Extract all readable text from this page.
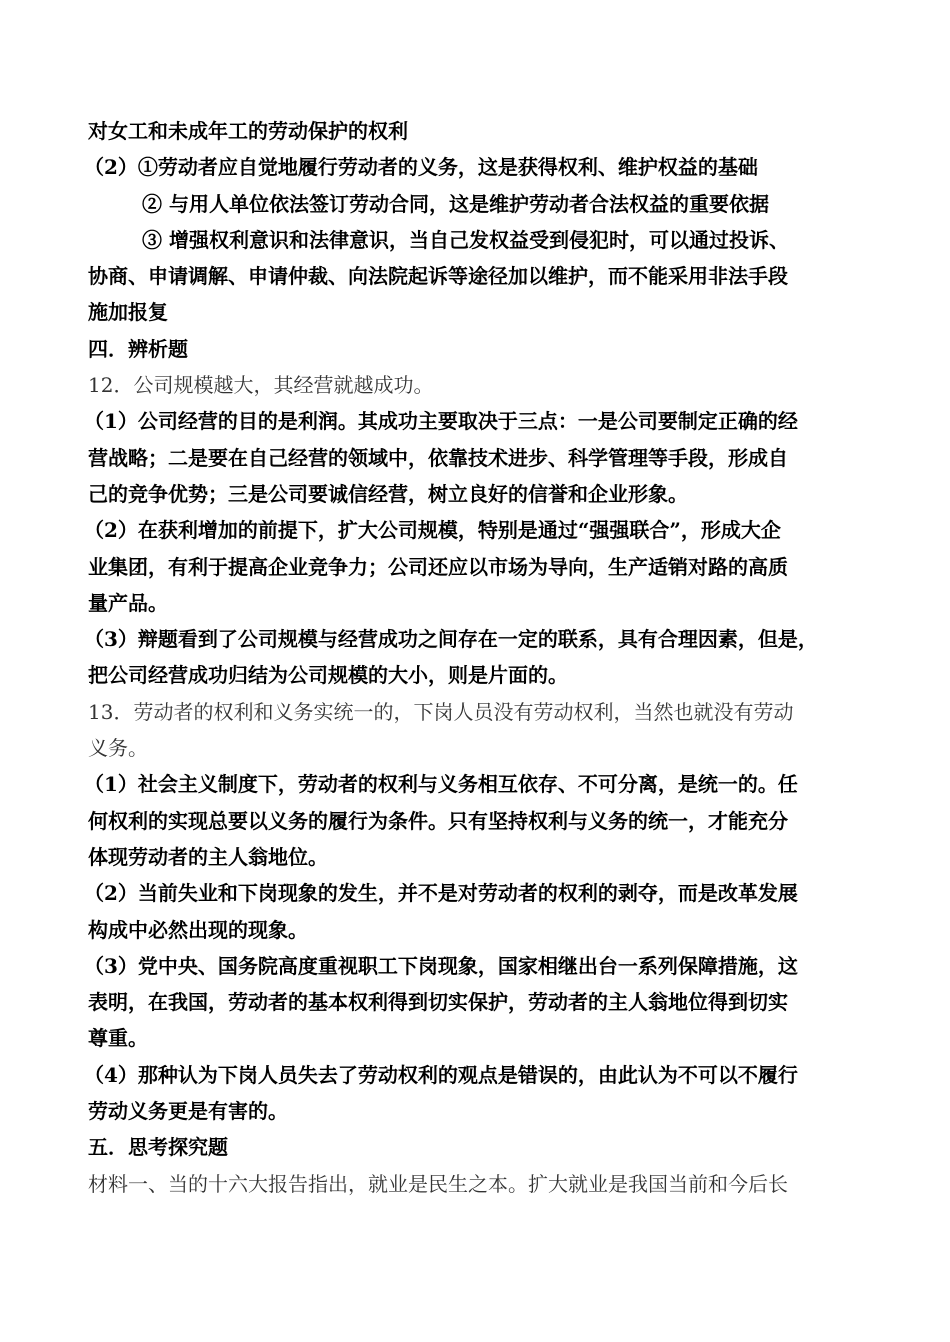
对女工和未成年工的劳动保护的权利
（2）①劳动者应自觉地履行劳动者的义务，这是获得权利、维护权益的基础
② 与用人单位依法签订劳动合同，这是维护劳动者合法权益的重要依据
③ 增强权利意识和法律意识，当自己发权益受到侵犯时，可以通过投诉、
协商、申请调解、申请仲裁、向法院起诉等途径加以维护，而不能采用非法手段
施加报复
四．辨析题
12．公司规模越大，其经营就越成功。
（1）公司经营的目的是利润。其成功主要取决于三点：一是公司要制定正确的经
营战略；二是要在自己经营的领域中，依靠技术进步、科学管理等手段，形成自
己的竞争优势；三是公司要诚信经营，树立良好的信誉和企业形象。
（2）在获利增加的前提下，扩大公司规模，特别是通过“强强联合”，形成大企
业集团，有利于提高企业竞争力；公司还应以市场为导向，生产适销对路的高质
量产品。
（3）辩题看到了公司规模与经营成功之间存在一定的联系，具有合理因素，但是，
把公司经营成功归结为公司规模的大小，则是片面的。
13．劳动者的权利和义务实统一的，下岗人员没有劳动权利，当然也就没有劳动
义务。
（1）社会主义制度下，劳动者的权利与义务相互依存、不可分离，是统一的。任
何权利的实现总要以义务的履行为条件。只有坚持权利与义务的统一，才能充分
体现劳动者的主人翁地位。
（2）当前失业和下岗现象的发生，并不是对劳动者的权利的剥夺，而是改革发展
构成中必然出现的现象。
（3）党中央、国务院高度重视职工下岗现象，国家相继出台一系列保障措施，这
表明，在我国，劳动者的基本权利得到切实保护，劳动者的主人翁地位得到切实
尊重。
（4）那种认为下岗人员失去了劳动权利的观点是错误的，由此认为不可以不履行
劳动义务更是有害的。
五．思考探究题
材料一、当的十六大报告指出，就业是民生之本。扩大就业是我国当前和今后长
